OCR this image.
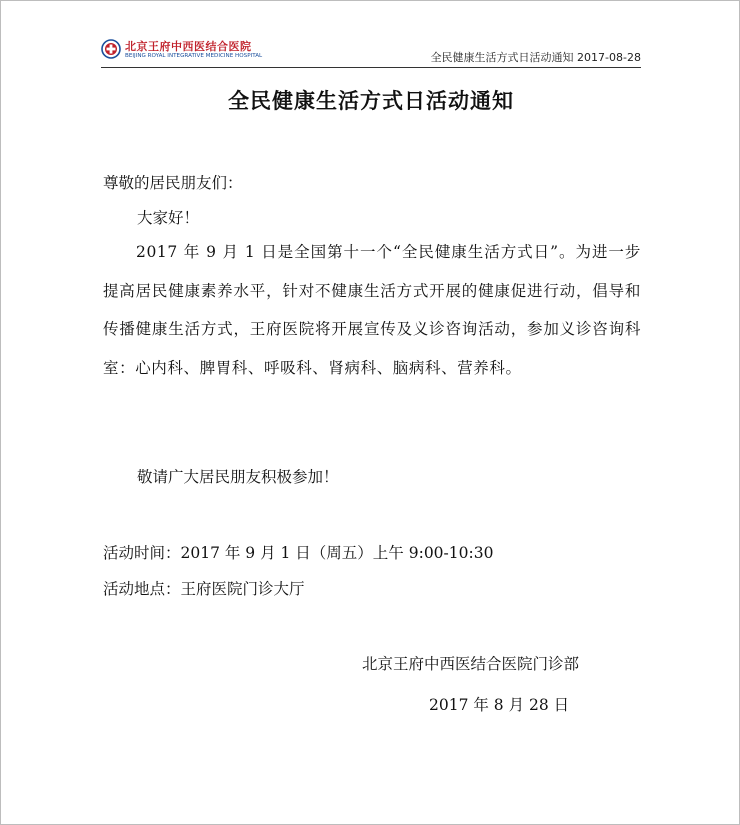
北京王府中西医结合医院
BEIJING ROYAL INTEGRATIVE MEDICINE HOSPITAL	全民健康生活方式日活动通知 2017-08-28
全民健康生活方式日活动通知
尊敬的居民朋友们：
大家好！
2017 年 9 月 1 日是全国第十一个“全民健康生活方式日”。为进一步提高居民健康素养水平，针对不健康生活方式开展的健康促进行动，倡导和传播健康生活方式，王府医院将开展宣传及义诊咨询活动，参加义诊咨询科室：心内科、脾胃科、呼吸科、肾病科、脑病科、营养科。
敬请广大居民朋友积极参加！
活动时间：2017 年 9 月 1 日（周五）上午 9:00-10:30
活动地点：王府医院门诊大厅
北京王府中西医结合医院门诊部
2017 年 8 月 28 日
